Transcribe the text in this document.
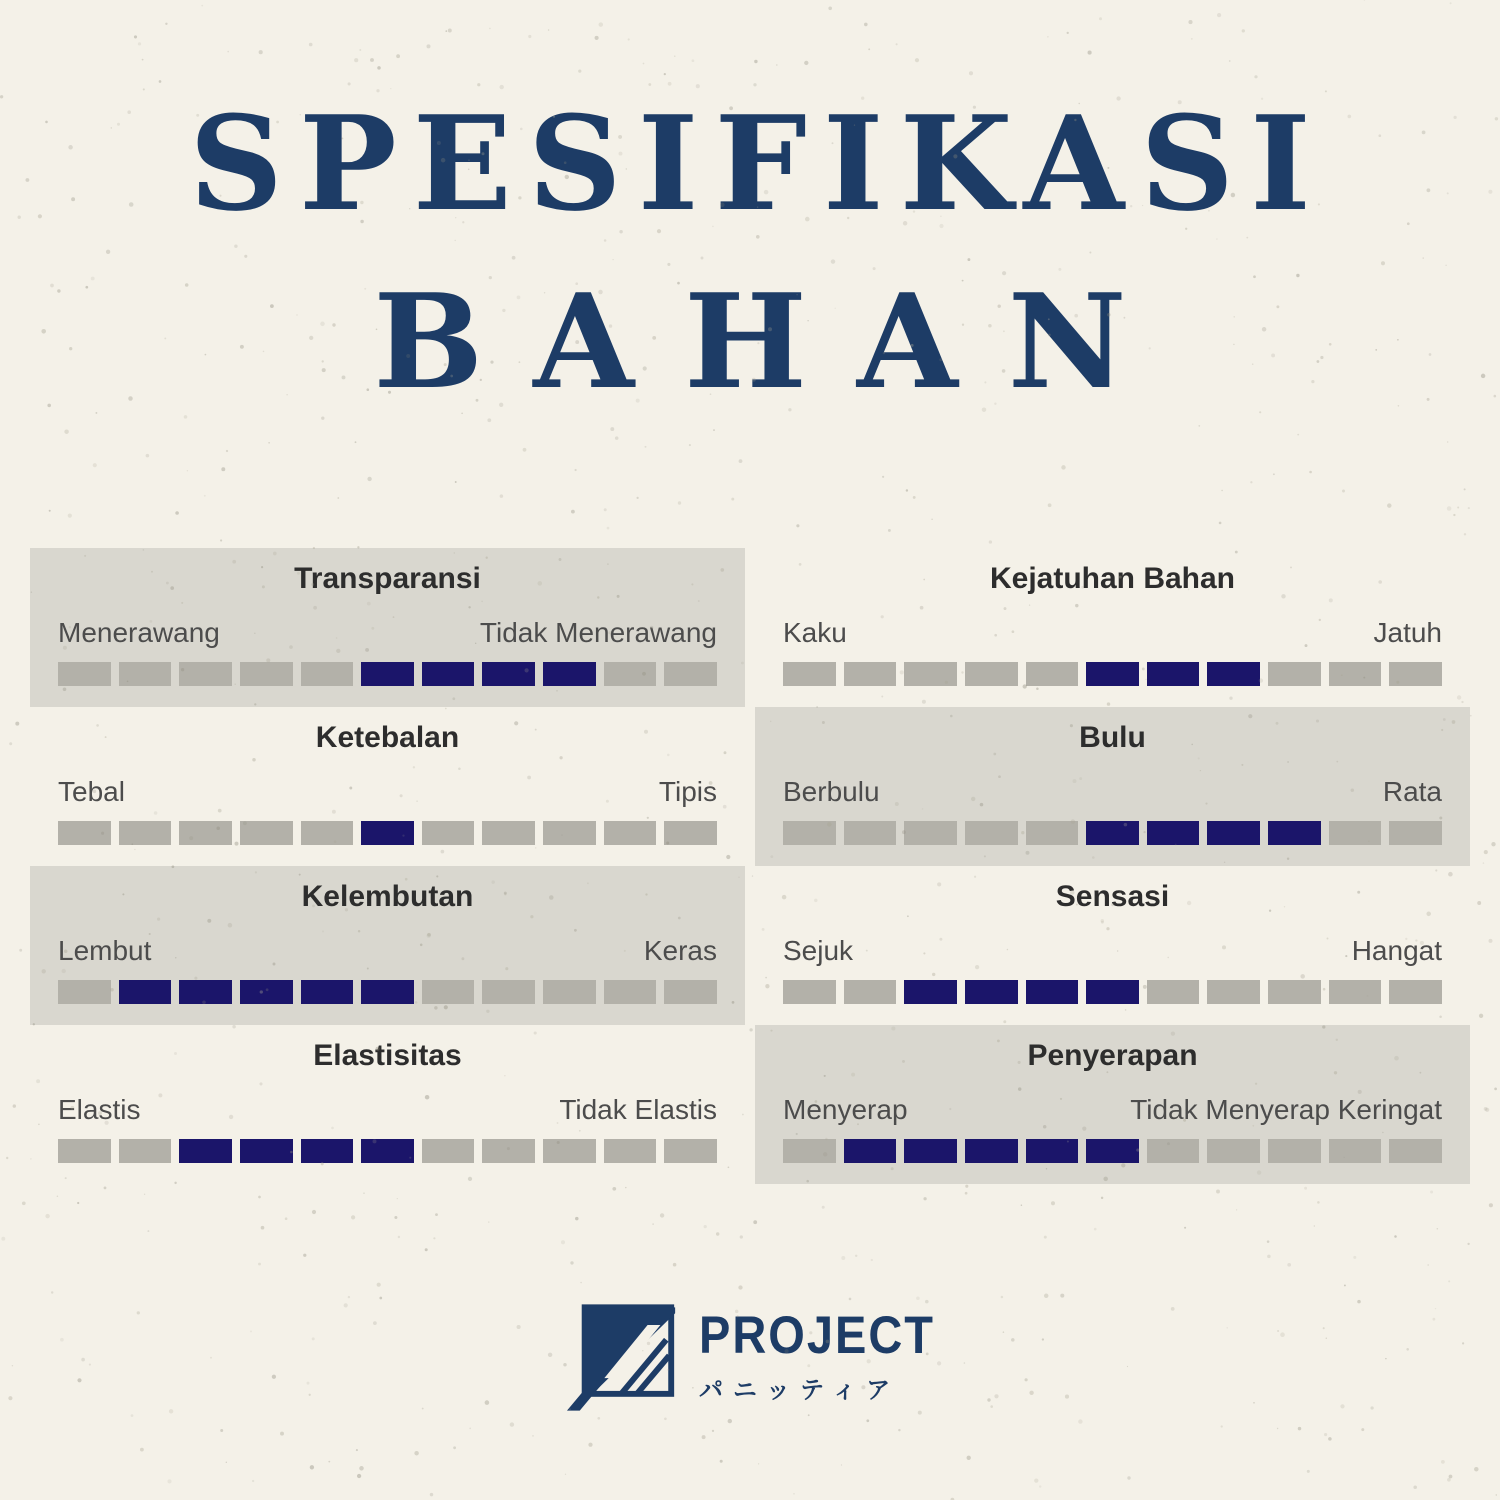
SPESIFIKASI
BAHAN
Transparansi
Menerawang	Tidak Menerawang
Ketebalan
Tebal	Tipis
Kelembutan
Lembut	Keras
Elastisitas
Elastis	Tidak Elastis
Kejatuhan Bahan
Kaku	Jatuh
Bulu
Berbulu	Rata
Sensasi
Sejuk	Hangat
Penyerapan
Menyerap	Tidak Menyerap Keringat
PROJECT
パニッティア
